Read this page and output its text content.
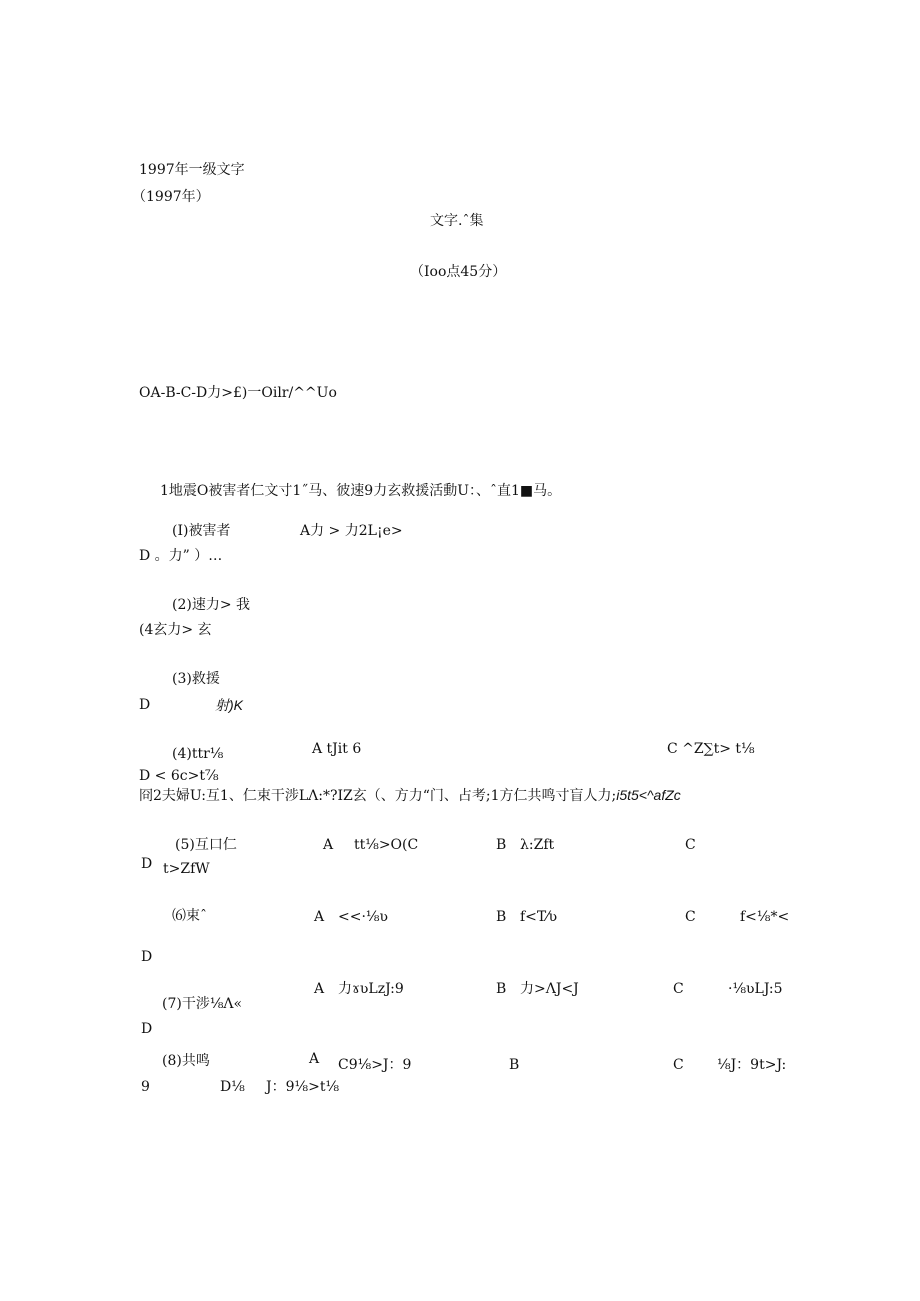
1997年一级文字
（1997年）
文字.ˆ集
（Ioo点45分）
OA-B-C-D力>£)一Oilr/^^Uo
1地震O被害者仁文寸1˝马、彼速9力玄救援活動U：、ˆ直1■马。
(I)被害者	A力 > 力2L¡e>
D 。力” ）…
(2)速力> 我
(4玄力> 玄
(3)救援
D	射)K
(4)ttr⅛	A tJit 6	C ^Z∑t> t⅛
D < 6c>t⅞
冏2夫婦U:互1、仁束干涉LΛ:*?IZ玄（、方力“门、占考;1方仁共鸣寸盲人力;i5t5<^afZc
(5)互口仁	A tt⅛>O(C	B λ:Zft	C
D t>ZfW
⑹束ˆ	A <<·⅛ʋ	B f<T⁄ʋ	C	f<⅛*<
D
A 力ɤʋLzJ:9	B 力>ΛJ<J	C	·⅛ʋLJ:5
(7)干涉⅛Λ«
D
(8)共鸣	A C9⅛>J：9	B	C ⅛J：9t>J:
9	D⅛ J：9⅛>t⅛
